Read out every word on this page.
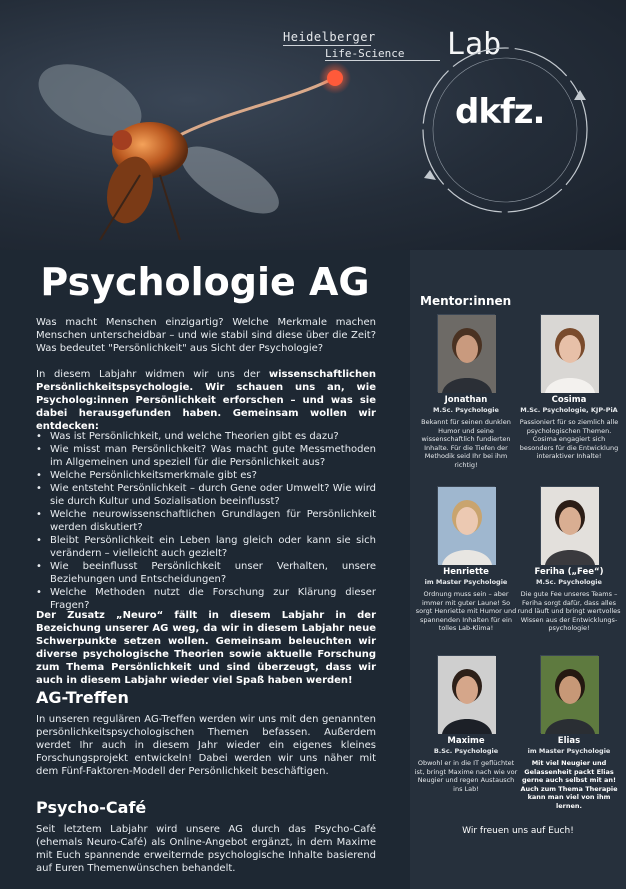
Heidelberger
Life-Science Lab
dkfz.
Psychologie AG

Was macht Menschen einzigartig? Welche Merkmale machen Menschen unterscheidbar – und wie stabil sind diese über die Zeit? Was bedeutet "Persönlichkeit" aus Sicht der Psychologie?

In diesem Labjahr widmen wir uns der wissenschaftlichen Persönlichkeitspsychologie. Wir schauen uns an, wie Psycholog:innen Persönlichkeit erforschen – und was sie dabei herausgefunden haben. Gemeinsam wollen wir entdecken:

• Was ist Persönlichkeit, und welche Theorien gibt es dazu?
• Wie misst man Persönlichkeit? Was macht gute Messmethoden im Allgemeinen und speziell für die Persönlichkeit aus?
• Welche Persönlichkeitsmerkmale gibt es?
• Wie entsteht Persönlichkeit – durch Gene oder Umwelt? Wie wird sie durch Kultur und Sozialisation beeinflusst?
• Welche neurowissenschaftlichen Grundlagen für Persönlichkeit werden diskutiert?
• Bleibt Persönlichkeit ein Leben lang gleich oder kann sie sich verändern – vielleicht auch gezielt?
• Wie beeinflusst Persönlichkeit unser Verhalten, unsere Beziehungen und Entscheidungen?
• Welche Methoden nutzt die Forschung zur Klärung dieser Fragen?

Der Zusatz „Neuro“ fällt in diesem Labjahr in der Bezeichung unserer AG weg, da wir in diesem Labjahr neue Schwerpunkte setzen wollen. Gemeinsam beleuchten wir diverse psychologische Theorien sowie aktuelle Forschung zum Thema Persönlichkeit und sind überzeugt, dass wir auch in diesem Labjahr wieder viel Spaß haben werden!

AG-Treffen

In unseren regulären AG-Treffen werden wir uns mit den genannten persönlichkeitspsychologischen Themen befassen. Außerdem werdet Ihr auch in diesem Jahr wieder ein eigenes kleines Forschungsprojekt entwickeln! Dabei werden wir uns näher mit dem Fünf-Faktoren-Modell der Persönlichkeit beschäftigen.

Psycho-Café

Seit letztem Labjahr wird unsere AG durch das Psycho-Café (ehemals Neuro-Café) als Online-Angebot ergänzt, in dem Maxime mit Euch spannende erweiternde psychologische Inhalte basierend auf Euren Themenwünschen behandelt.

Mentor:innen
Jonathan
M.Sc. Psychologie
Bekannt für seinen dunklen Humor und seine wissenschaftlich fundierten Inhalte. Für die Tiefen der Methodik seid Ihr bei ihm richtig!
Cosima
M.Sc. Psychologie, KJP-PiA
Passioniert für so ziemlich alle psychologischen Themen. Cosima engagiert sich besonders für die Entwicklung interaktiver Inhalte!
Henriette
im Master Psychologie
Ordnung muss sein – aber immer mit guter Laune! So sorgt Henriette mit Humor und spannenden Inhalten für ein tolles Lab-Klima!
Feriha („Fee“)
M.Sc. Psychologie
Die gute Fee unseres Teams – Feriha sorgt dafür, dass alles rund läuft und bringt wertvolles Wissen aus der Entwicklungs-psychologie!
Maxime
B.Sc. Psychologie
Obwohl er in die IT geflüchtet ist, bringt Maxime nach wie vor Neugier und regen Austausch ins Lab!
Elias
im Master Psychologie
Mit viel Neugier und Gelassenheit packt Elias gerne auch selbst mit an! Auch zum Thema Therapie kann man viel von ihm lernen.
Wir freuen uns auf Euch!
